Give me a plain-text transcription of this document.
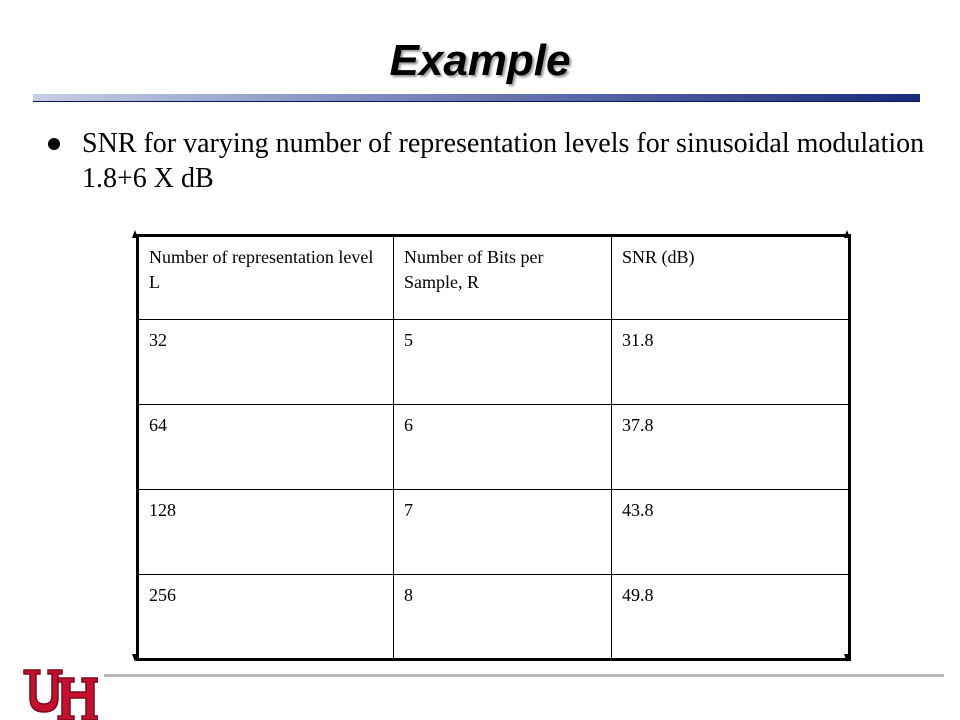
Example
SNR for varying number of representation levels for sinusoidal modulation 1.8+6 X dB
Number of representation level L	Number of Bits per Sample, R	SNR (dB)
32	5	31.8
64	6	37.8
128	7	43.8
256	8	49.8
